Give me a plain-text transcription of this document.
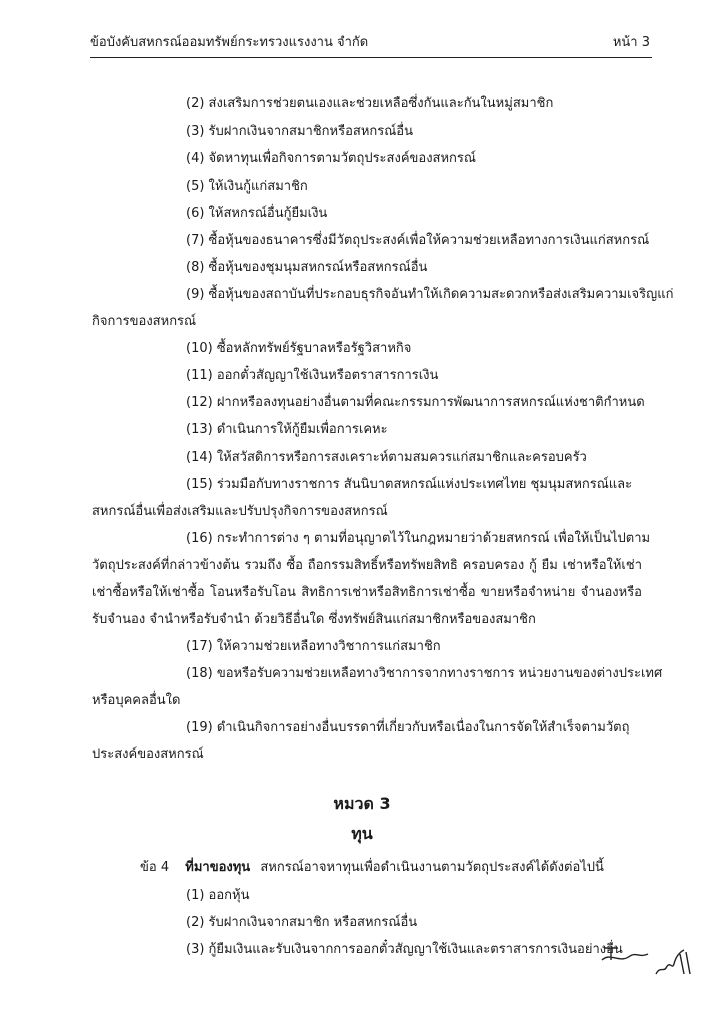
ข้อบังคับสหกรณ์ออมทรัพย์กระทรวงแรงงาน จำกัด	หน้า 3
(2) ส่งเสริมการช่วยตนเองและช่วยเหลือซึ่งกันและกันในหมู่สมาชิก
(3) รับฝากเงินจากสมาชิกหรือสหกรณ์อื่น
(4) จัดหาทุนเพื่อกิจการตามวัตถุประสงค์ของสหกรณ์
(5) ให้เงินกู้แก่สมาชิก
(6) ให้สหกรณ์อื่นกู้ยืมเงิน
(7) ซื้อหุ้นของธนาคารซึ่งมีวัตถุประสงค์เพื่อให้ความช่วยเหลือทางการเงินแก่สหกรณ์
(8) ซื้อหุ้นของชุมนุมสหกรณ์หรือสหกรณ์อื่น
(9) ซื้อหุ้นของสถาบันที่ประกอบธุรกิจอันทำให้เกิดความสะดวกหรือส่งเสริมความเจริญแก่
กิจการของสหกรณ์
(10) ซื้อหลักทรัพย์รัฐบาลหรือรัฐวิสาหกิจ
(11) ออกตั๋วสัญญาใช้เงินหรือตราสารการเงิน
(12) ฝากหรือลงทุนอย่างอื่นตามที่คณะกรรมการพัฒนาการสหกรณ์แห่งชาติกำหนด
(13) ดำเนินการให้กู้ยืมเพื่อการเคหะ
(14) ให้สวัสดิการหรือการสงเคราะห์ตามสมควรแก่สมาชิกและครอบครัว
(15) ร่วมมือกับทางราชการ สันนิบาตสหกรณ์แห่งประเทศไทย ชุมนุมสหกรณ์และ
สหกรณ์อื่นเพื่อส่งเสริมและปรับปรุงกิจการของสหกรณ์
(16) กระทำการต่าง ๆ ตามที่อนุญาตไว้ในกฎหมายว่าด้วยสหกรณ์ เพื่อให้เป็นไปตาม
วัตถุประสงค์ที่กล่าวข้างต้น รวมถึง ซื้อ ถือกรรมสิทธิ์หรือทรัพยสิทธิ ครอบครอง กู้ ยืม เช่าหรือให้เช่า
เช่าซื้อหรือให้เช่าซื้อ โอนหรือรับโอน สิทธิการเช่าหรือสิทธิการเช่าซื้อ ขายหรือจำหน่าย จำนองหรือ
รับจำนอง จำนำหรือรับจำนำ ด้วยวิธีอื่นใด ซึ่งทรัพย์สินแก่สมาชิกหรือของสมาชิก
(17) ให้ความช่วยเหลือทางวิชาการแก่สมาชิก
(18) ขอหรือรับความช่วยเหลือทางวิชาการจากทางราชการ หน่วยงานของต่างประเทศ
หรือบุคคลอื่นใด
(19) ดำเนินกิจการอย่างอื่นบรรดาที่เกี่ยวกับหรือเนื่องในการจัดให้สำเร็จตามวัตถุ
ประสงค์ของสหกรณ์
หมวด 3
ทุน
ข้อ 4 ที่มาของทุน สหกรณ์อาจหาทุนเพื่อดำเนินงานตามวัตถุประสงค์ได้ดังต่อไปนี้
(1) ออกหุ้น
(2) รับฝากเงินจากสมาชิก หรือสหกรณ์อื่น
(3) กู้ยืมเงินและรับเงินจากการออกตั๋วสัญญาใช้เงินและตราสารการเงินอย่างอื่น
